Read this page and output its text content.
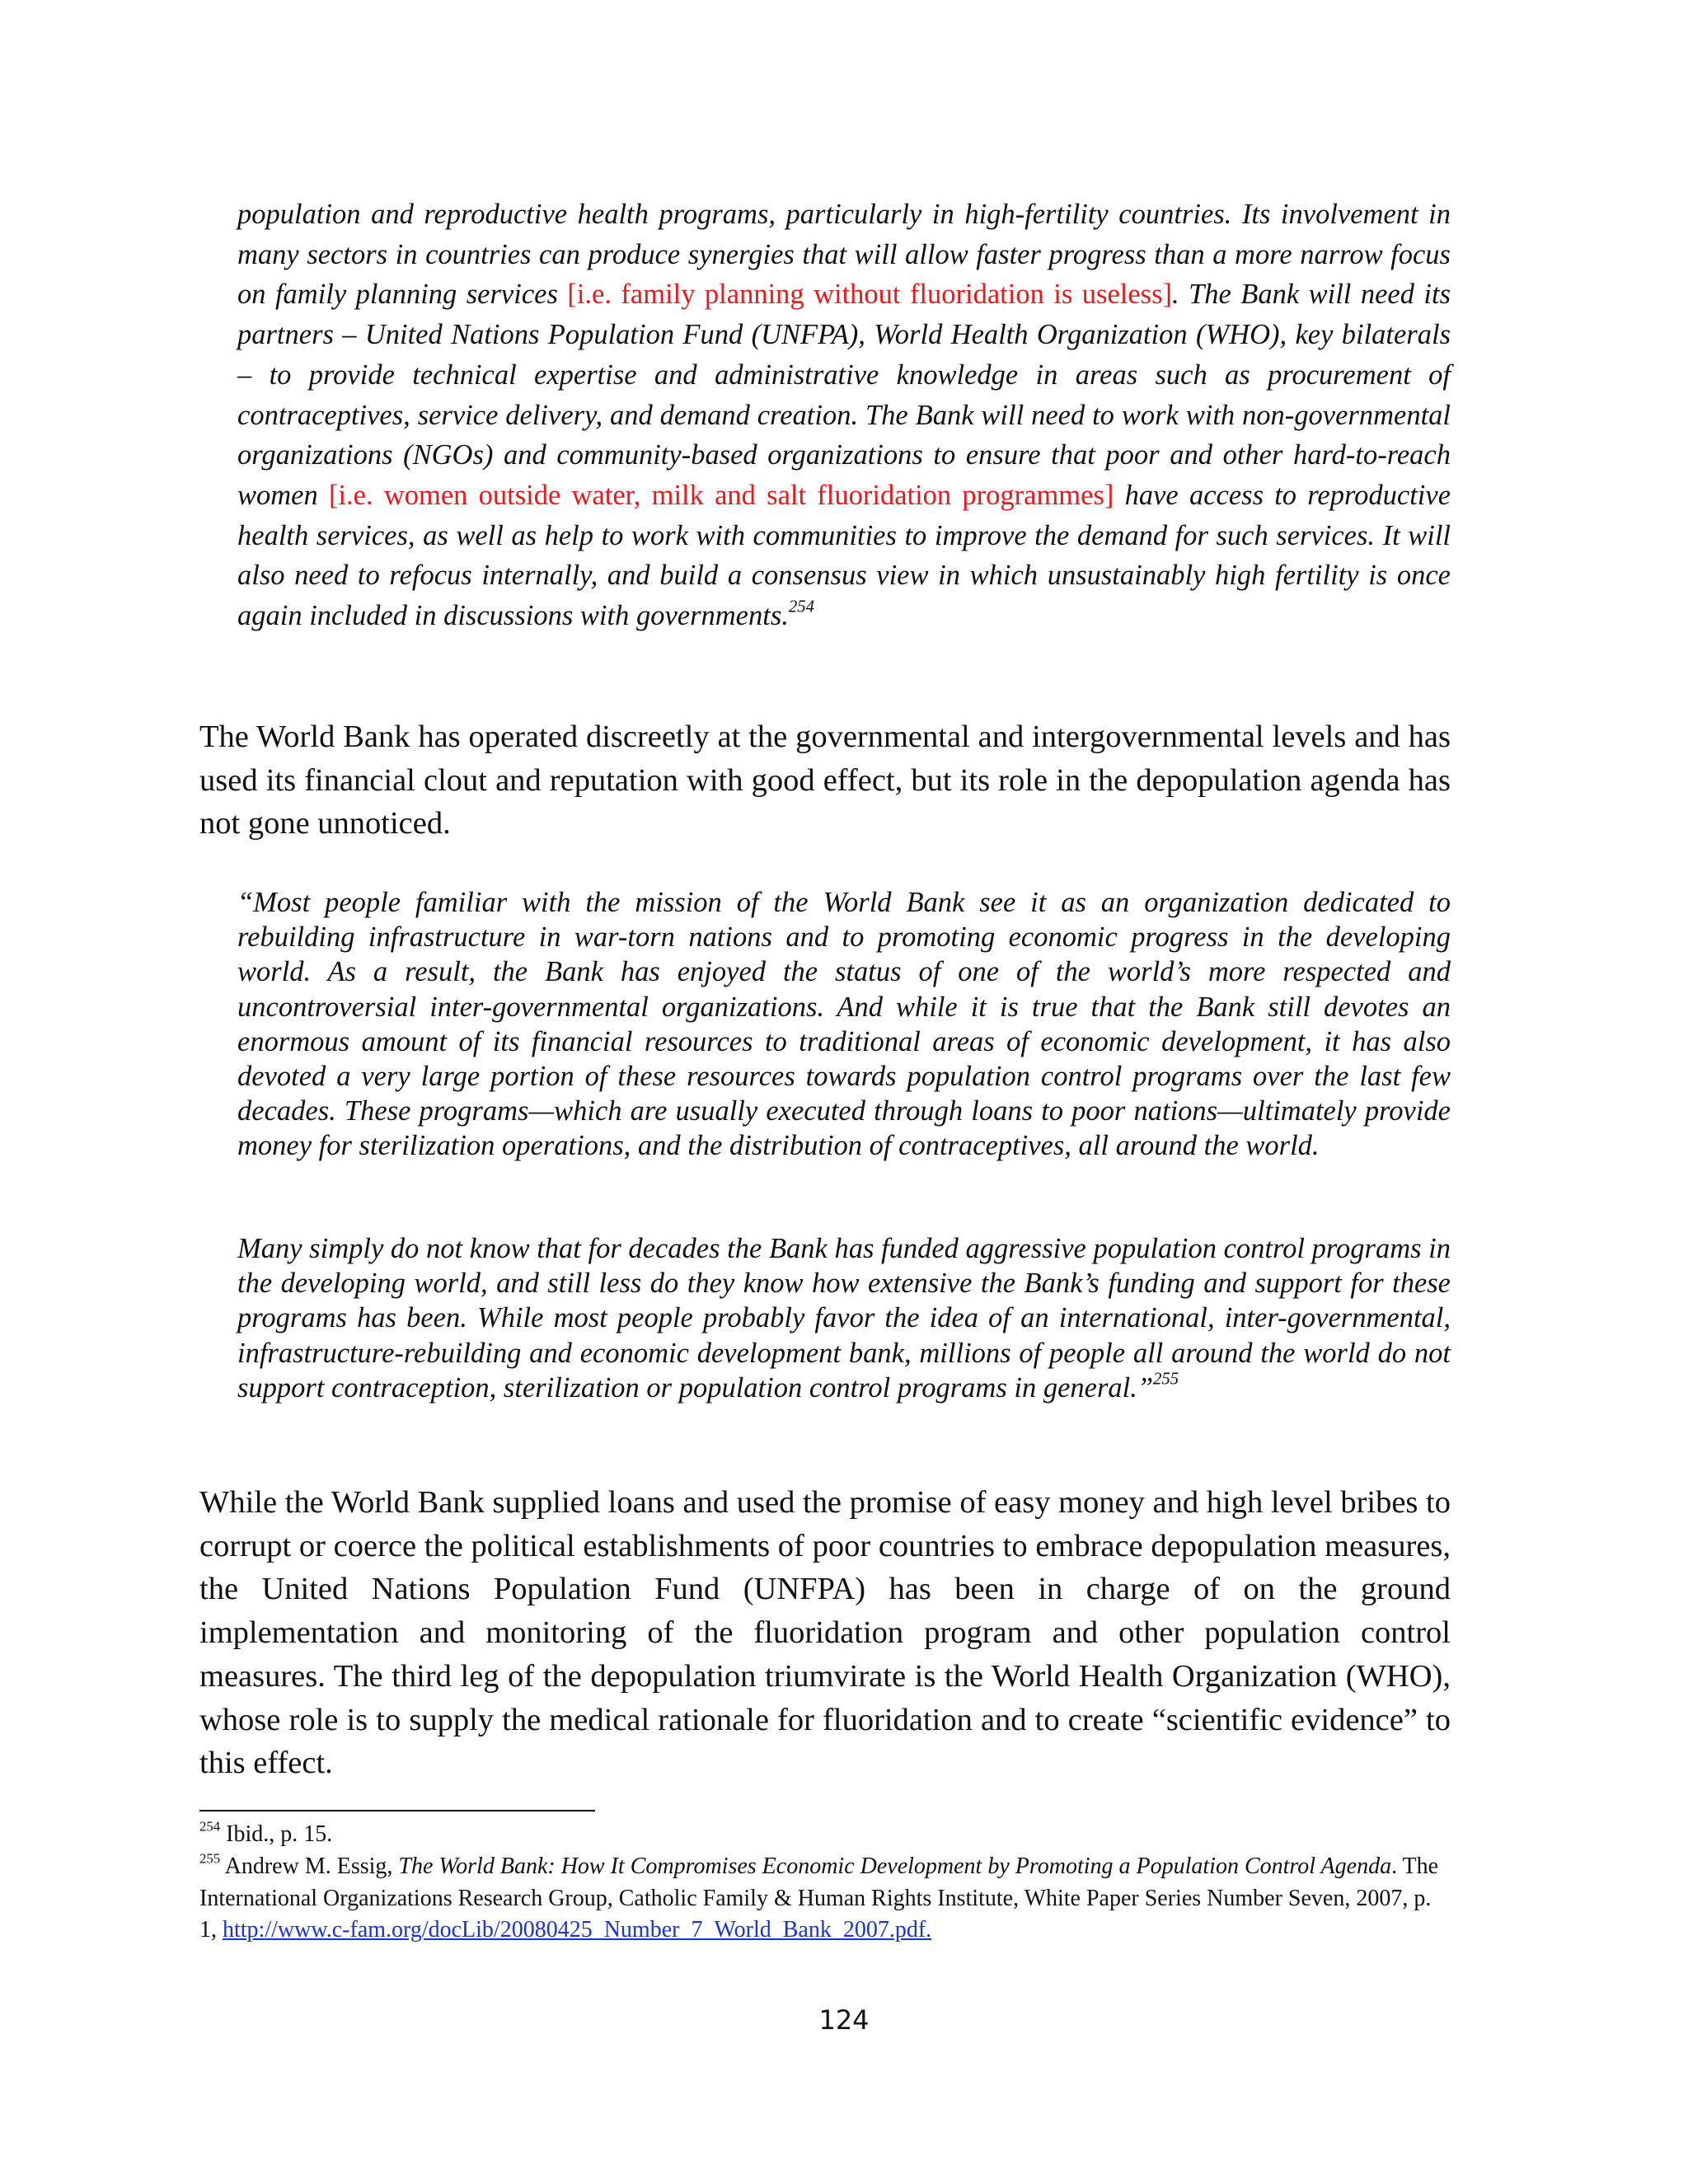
population and reproductive health programs, particularly in high-fertility countries. Its involvement in many sectors in countries can produce synergies that will allow faster progress than a more narrow focus on family planning services [i.e. family planning without fluoridation is useless]. The Bank will need its partners – United Nations Population Fund (UNFPA), World Health Organization (WHO), key bilaterals – to provide technical expertise and administrative knowledge in areas such as procurement of contraceptives, service delivery, and demand creation. The Bank will need to work with non-governmental organizations (NGOs) and community-based organizations to ensure that poor and other hard-to-reach women [i.e. women outside water, milk and salt fluoridation programmes] have access to reproductive health services, as well as help to work with communities to improve the demand for such services. It will also need to refocus internally, and build a consensus view in which unsustainably high fertility is once again included in discussions with governments.$^{254}$

The World Bank has operated discreetly at the governmental and intergovernmental levels and has used its financial clout and reputation with good effect, but its role in the depopulation agenda has not gone unnoticed.

“Most people familiar with the mission of the World Bank see it as an organization dedicated to rebuilding infrastructure in war-torn nations and to promoting economic progress in the developing world. As a result, the Bank has enjoyed the status of one of the world’s more respected and uncontroversial inter-governmental organizations. And while it is true that the Bank still devotes an enormous amount of its financial resources to traditional areas of economic development, it has also devoted a very large portion of these resources towards population control programs over the last few decades. These programs—which are usually executed through loans to poor nations—ultimately provide money for sterilization operations, and the distribution of contraceptives, all around the world.

Many simply do not know that for decades the Bank has funded aggressive population control programs in the developing world, and still less do they know how extensive the Bank’s funding and support for these programs has been. While most people probably favor the idea of an international, inter-governmental, infrastructure-rebuilding and economic development bank, millions of people all around the world do not support contraception, sterilization or population control programs in general.”$^{255}$

While the World Bank supplied loans and used the promise of easy money and high level bribes to corrupt or coerce the political establishments of poor countries to embrace depopulation measures, the United Nations Population Fund (UNFPA) has been in charge of on the ground implementation and monitoring of the fluoridation program and other population control measures. The third leg of the depopulation triumvirate is the World Health Organization (WHO), whose role is to supply the medical rationale for fluoridation and to create “scientific evidence” to this effect.

$^{254}$ Ibid., p. 15.

$^{255}$ Andrew M. Essig, The World Bank: How It Compromises Economic Development by Promoting a Population Control Agenda. The International Organizations Research Group, Catholic Family & Human Rights Institute, White Paper Series Number Seven, 2007, p. 1, http://www.c-fam.org/docLib/20080425_Number_7_World_Bank_2007.pdf.

124
